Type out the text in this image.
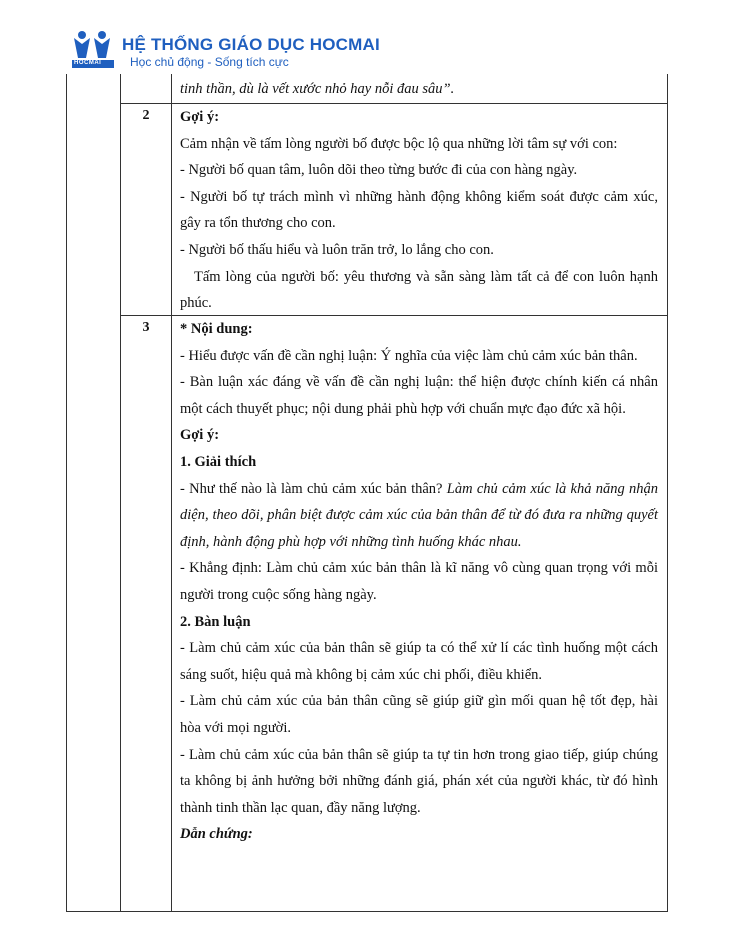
HOCMAI
HỆ THỐNG GIÁO DỤC HOCMAI
Học chủ động - Sống tích cực

tinh thần, dù là vết xước nhỏ hay nỗi đau sâu”.

2	Gợi ý:

Cảm nhận về tấm lòng người bố được bộc lộ qua những lời tâm sự với con:

- Người bố quan tâm, luôn dõi theo từng bước đi của con hàng ngày.

- Người bố tự trách mình vì những hành động không kiểm soát được cảm xúc, gây ra tổn thương cho con.

- Người bố thấu hiểu và luôn trăn trở, lo lắng cho con.

Tấm lòng của người bố: yêu thương và sẵn sàng làm tất cả để con luôn hạnh phúc.

3	* Nội dung:

- Hiểu được vấn đề cần nghị luận: Ý nghĩa của việc làm chủ cảm xúc bản thân.

- Bàn luận xác đáng về vấn đề cần nghị luận: thể hiện được chính kiến cá nhân một cách thuyết phục; nội dung phải phù hợp với chuẩn mực đạo đức xã hội.

Gợi ý:

1. Giải thích

- Như thế nào là làm chủ cảm xúc bản thân? Làm chủ cảm xúc là khả năng nhận diện, theo dõi, phân biệt được cảm xúc của bản thân để từ đó đưa ra những quyết định, hành động phù hợp với những tình huống khác nhau.

- Khẳng định: Làm chủ cảm xúc bản thân là kĩ năng vô cùng quan trọng với mỗi người trong cuộc sống hàng ngày.

2. Bàn luận

- Làm chủ cảm xúc của bản thân sẽ giúp ta có thể xử lí các tình huống một cách sáng suốt, hiệu quả mà không bị cảm xúc chi phối, điều khiển.

- Làm chủ cảm xúc của bản thân cũng sẽ giúp giữ gìn mối quan hệ tốt đẹp, hài hòa với mọi người.

- Làm chủ cảm xúc của bản thân sẽ giúp ta tự tin hơn trong giao tiếp, giúp chúng ta không bị ảnh hưởng bởi những đánh giá, phán xét của người khác, từ đó hình thành tinh thần lạc quan, đầy năng lượng.

Dẫn chứng:
